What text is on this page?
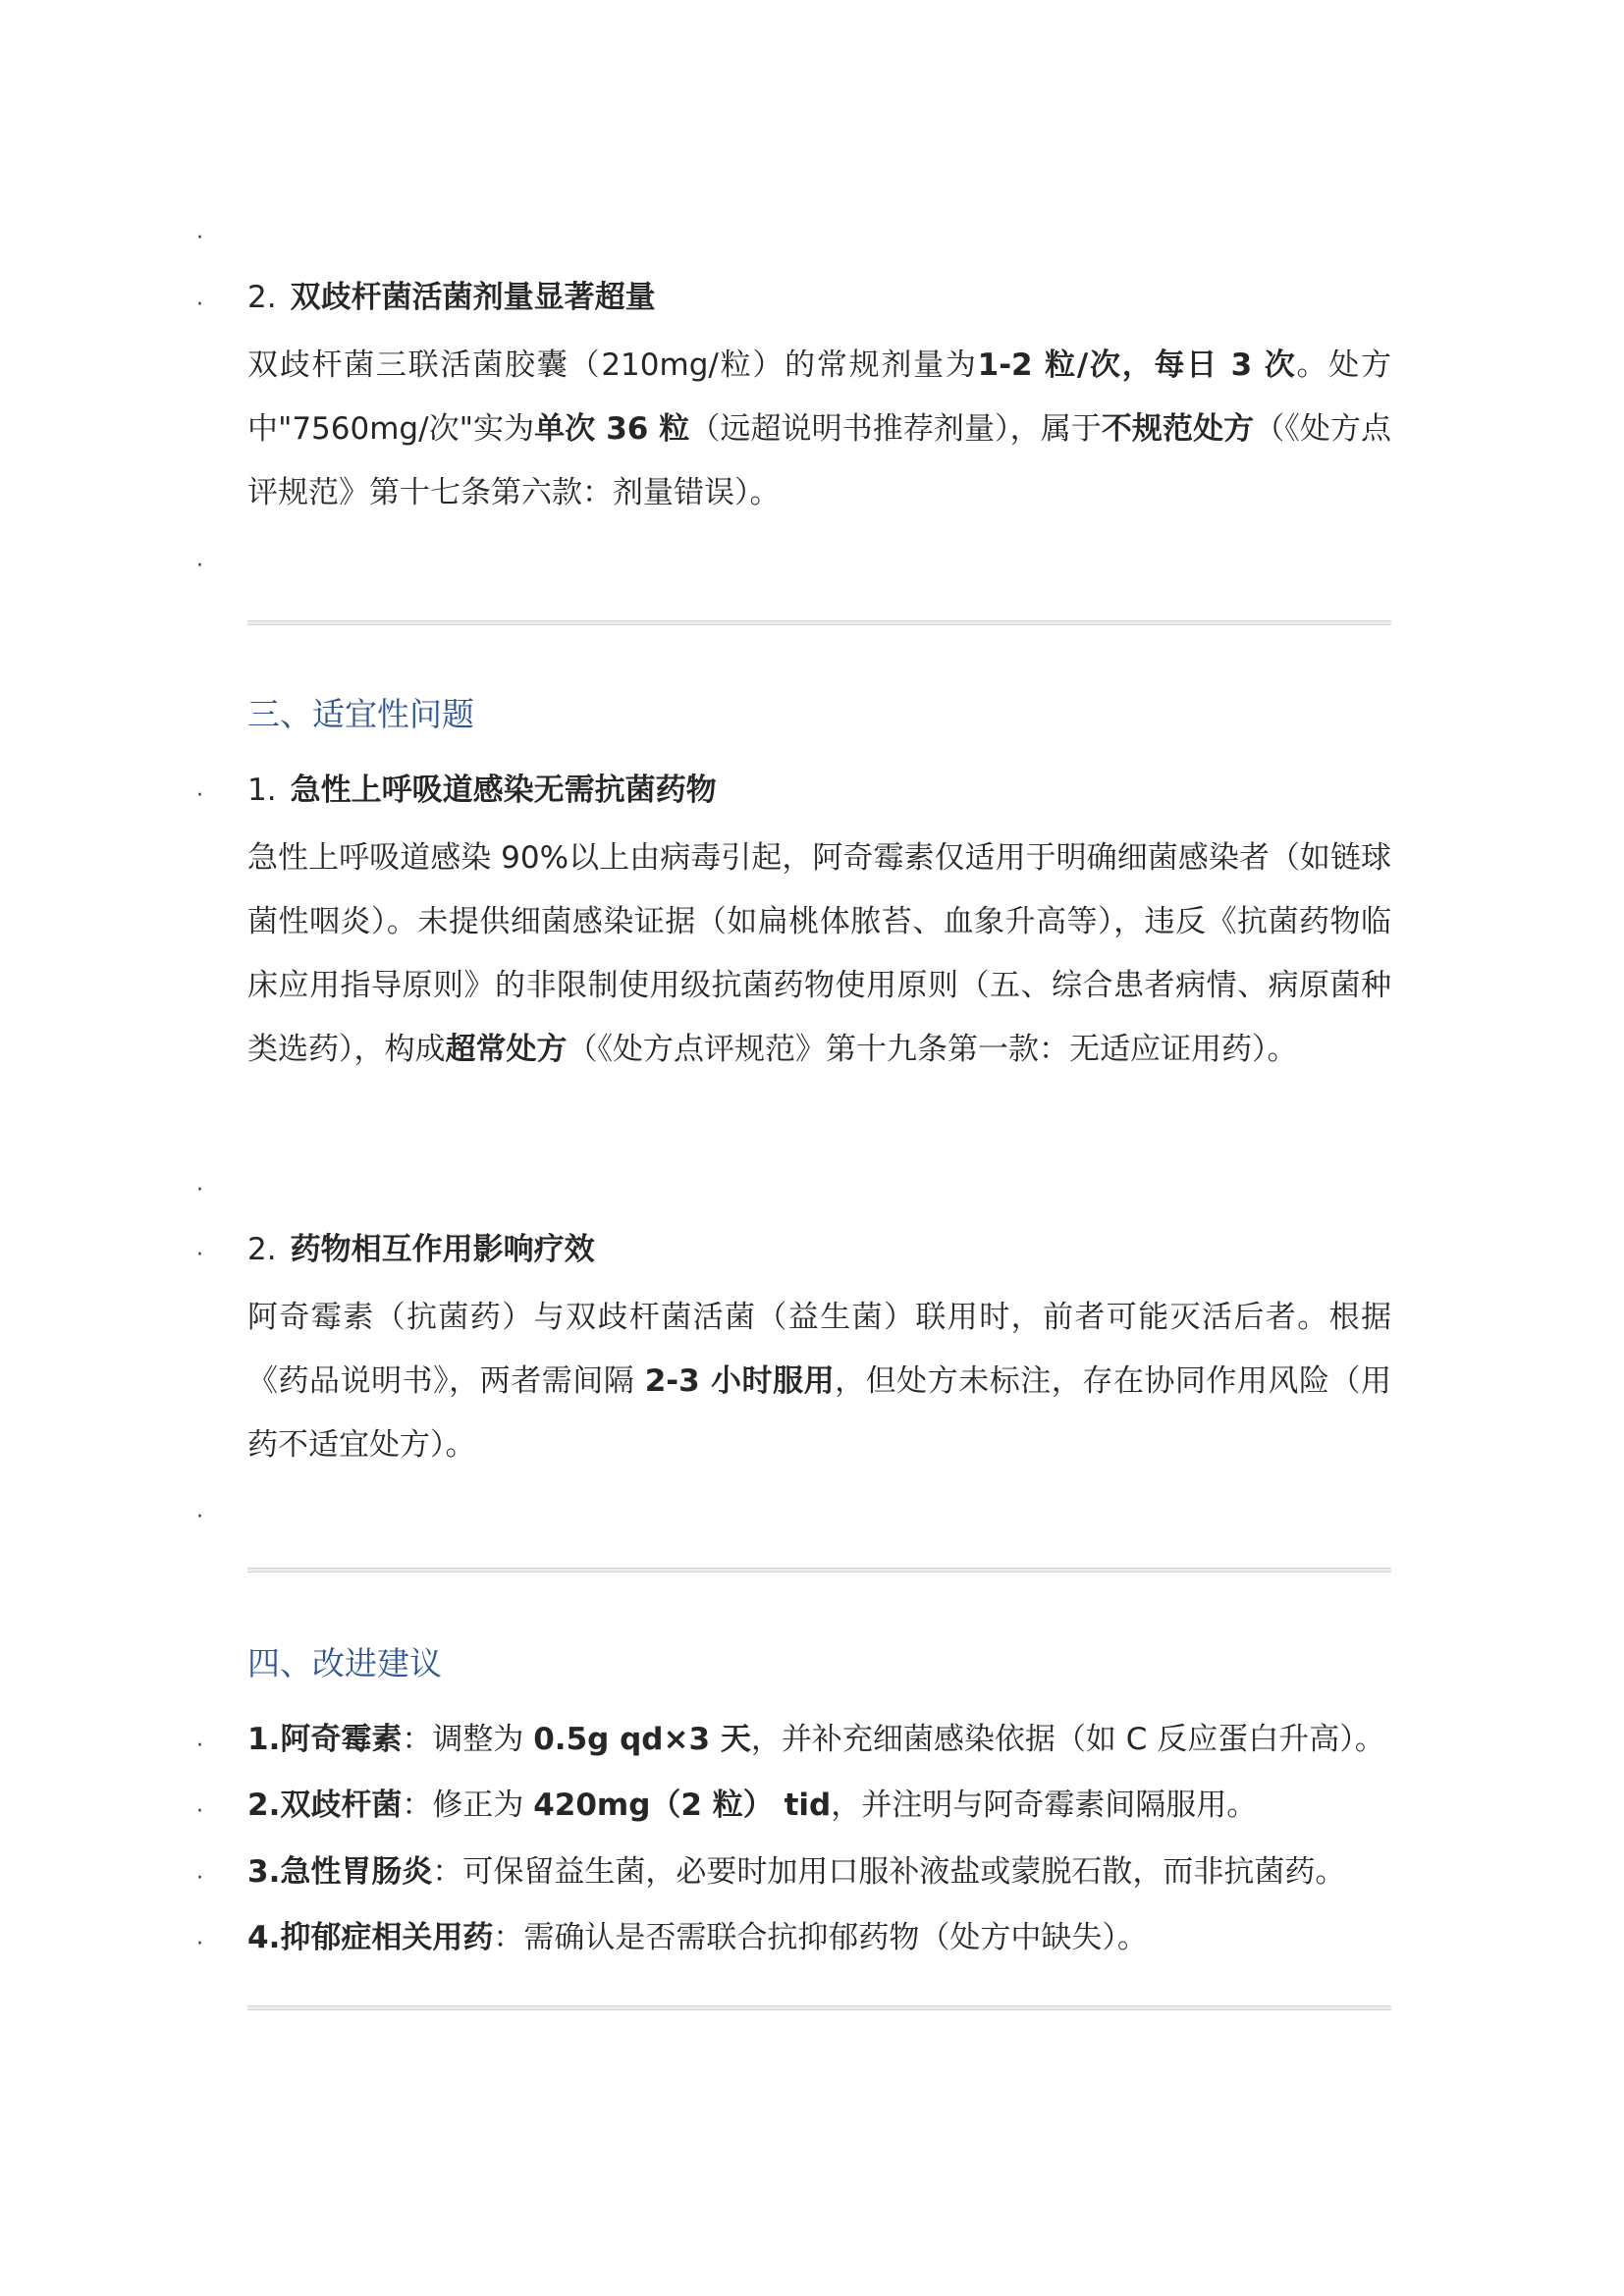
·
·
·
·
·
·
·
·
·
·
·
2. 双歧杆菌活菌剂量显著超量
双歧杆菌三联活菌胶囊（210mg/粒）的常规剂量为1-2 粒/次，每日 3 次。处方中"7560mg/次"实为单次 36 粒（远超说明书推荐剂量），属于不规范处方（《处方点评规范》第十七条第六款：剂量错误）。
三、适宜性问题
1. 急性上呼吸道感染无需抗菌药物
急性上呼吸道感染 90%以上由病毒引起，阿奇霉素仅适用于明确细菌感染者（如链球菌性咽炎）。未提供细菌感染证据（如扁桃体脓苔、血象升高等），违反《抗菌药物临床应用指导原则》的非限制使用级抗菌药物使用原则（五、综合患者病情、病原菌种类选药），构成超常处方（《处方点评规范》第十九条第一款：无适应证用药）。
2. 药物相互作用影响疗效
阿奇霉素（抗菌药）与双歧杆菌活菌（益生菌）联用时，前者可能灭活后者。根据《药品说明书》，两者需间隔 2-3 小时服用，但处方未标注，存在协同作用风险（用药不适宜处方）。
四、改进建议
1.阿奇霉素：调整为 0.5g qd×3 天，并补充细菌感染依据（如 C 反应蛋白升高）。
2.双歧杆菌：修正为 420mg（2 粒） tid，并注明与阿奇霉素间隔服用。
3.急性胃肠炎：可保留益生菌，必要时加用口服补液盐或蒙脱石散，而非抗菌药。
4.抑郁症相关用药：需确认是否需联合抗抑郁药物（处方中缺失）。
